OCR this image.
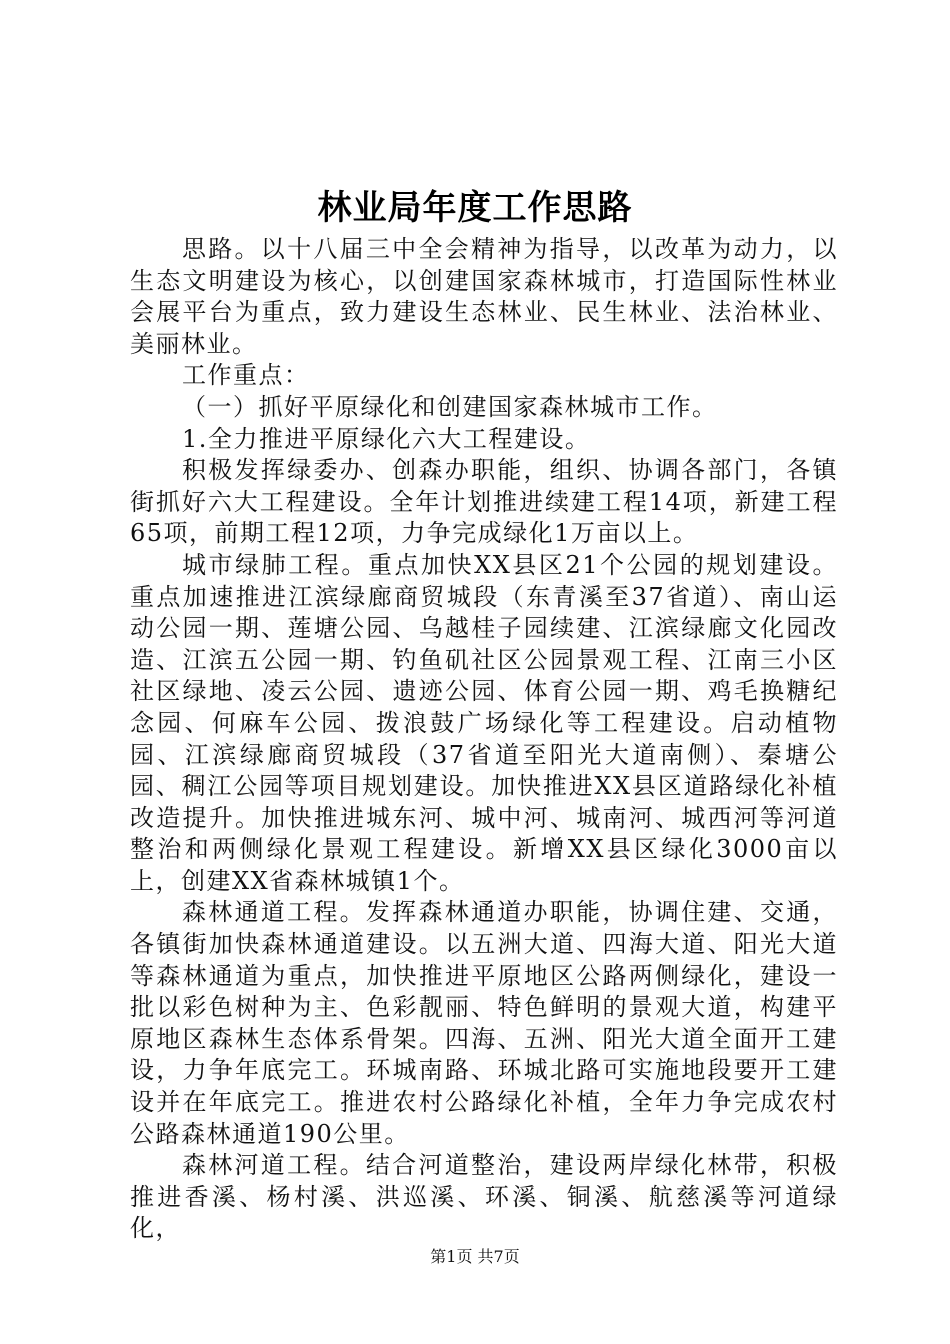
林业局年度工作思路

思路。以十八届三中全会精神为指导，以改革为动力，以生态文明建设为核心，以创建国家森林城市，打造国际性林业会展平台为重点，致力建设生态林业、民生林业、法治林业、美丽林业。

工作重点：

（一）抓好平原绿化和创建国家森林城市工作。

1.全力推进平原绿化六大工程建设。

积极发挥绿委办、创森办职能，组织、协调各部门，各镇街抓好六大工程建设。全年计划推进续建工程14项，新建工程65项，前期工程12项，力争完成绿化1万亩以上。

城市绿肺工程。重点加快XX县区21个公园的规划建设。重点加速推进江滨绿廊商贸城段（东青溪至37省道）、南山运动公园一期、莲塘公园、乌越桂子园续建、江滨绿廊文化园改造、江滨五公园一期、钓鱼矶社区公园景观工程、江南三小区社区绿地、凌云公园、遗迹公园、体育公园一期、鸡毛换糖纪念园、何麻车公园、拨浪鼓广场绿化等工程建设。启动植物园、江滨绿廊商贸城段（37省道至阳光大道南侧）、秦塘公园、稠江公园等项目规划建设。加快推进XX县区道路绿化补植改造提升。加快推进城东河、城中河、城南河、城西河等河道整治和两侧绿化景观工程建设。新增XX县区绿化3000亩以上，创建XX省森林城镇1个。

森林通道工程。发挥森林通道办职能，协调住建、交通，各镇街加快森林通道建设。以五洲大道、四海大道、阳光大道等森林通道为重点，加快推进平原地区公路两侧绿化，建设一批以彩色树种为主、色彩靓丽、特色鲜明的景观大道，构建平原地区森林生态体系骨架。四海、五洲、阳光大道全面开工建设，力争年底完工。环城南路、环城北路可实施地段要开工建设并在年底完工。推进农村公路绿化补植，全年力争完成农村公路森林通道190公里。

森林河道工程。结合河道整治，建设两岸绿化林带，积极推进香溪、杨村溪、洪巡溪、环溪、铜溪、航慈溪等河道绿化，

第1页 共7页
